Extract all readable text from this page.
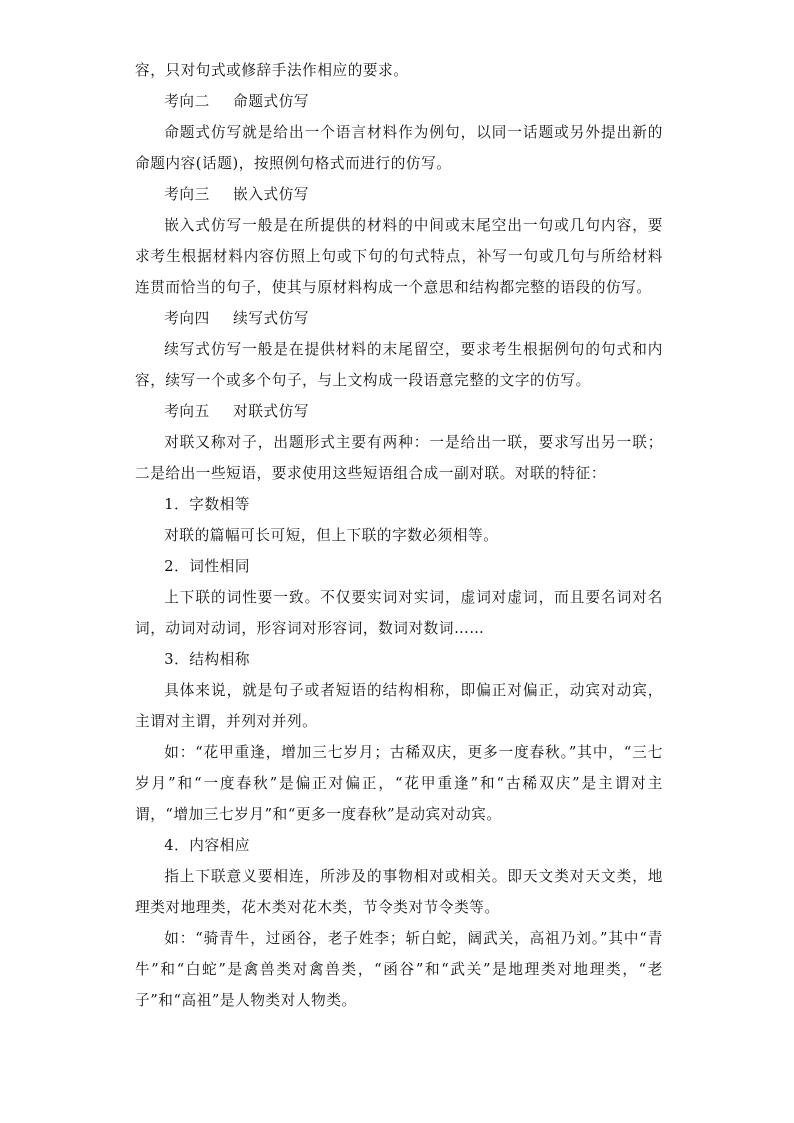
容，只对句式或修辞手法作相应的要求。

考向二 命题式仿写

命题式仿写就是给出一个语言材料作为例句，以同一话题或另外提出新的命题内容(话题)，按照例句格式而进行的仿写。

考向三 嵌入式仿写

嵌入式仿写一般是在所提供的材料的中间或末尾空出一句或几句内容，要求考生根据材料内容仿照上句或下句的句式特点，补写一句或几句与所给材料连贯而恰当的句子，使其与原材料构成一个意思和结构都完整的语段的仿写。

考向四 续写式仿写

续写式仿写一般是在提供材料的末尾留空，要求考生根据例句的句式和内容，续写一个或多个句子，与上文构成一段语意完整的文字的仿写。

考向五 对联式仿写

对联又称对子，出题形式主要有两种：一是给出一联，要求写出另一联；二是给出一些短语，要求使用这些短语组合成一副对联。对联的特征：

1．字数相等

对联的篇幅可长可短，但上下联的字数必须相等。

2．词性相同

上下联的词性要一致。不仅要实词对实词，虚词对虚词，而且要名词对名词，动词对动词，形容词对形容词，数词对数词……

3．结构相称

具体来说，就是句子或者短语的结构相称，即偏正对偏正，动宾对动宾，主谓对主谓，并列对并列。

如：“花甲重逢，增加三七岁月；古稀双庆，更多一度春秋。”其中，“三七岁月”和“一度春秋”是偏正对偏正，“花甲重逢”和“古稀双庆”是主谓对主谓，“增加三七岁月”和“更多一度春秋”是动宾对动宾。

4．内容相应

指上下联意义要相连，所涉及的事物相对或相关。即天文类对天文类，地理类对地理类，花木类对花木类，节令类对节令类等。

如：“骑青牛，过函谷，老子姓李；斩白蛇，阔武关，高祖乃刘。”其中“青牛”和“白蛇”是禽兽类对禽兽类，“函谷”和“武关”是地理类对地理类，“老子”和“高祖”是人物类对人物类。
